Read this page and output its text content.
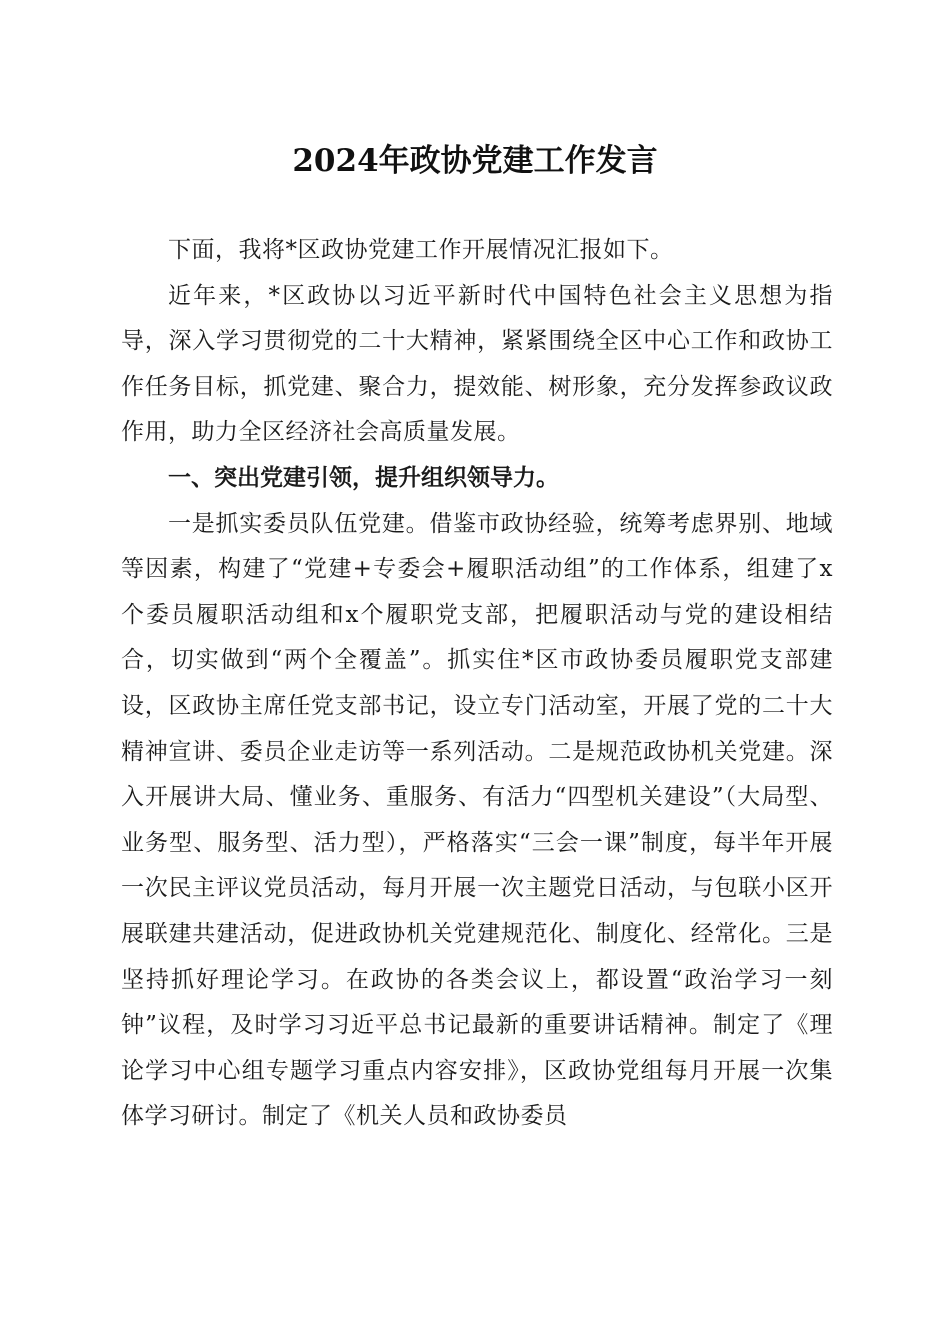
2024年政协党建工作发言

下面，我将*区政协党建工作开展情况汇报如下。

近年来，*区政协以习近平新时代中国特色社会主义思想为指导，深入学习贯彻党的二十大精神，紧紧围绕全区中心工作和政协工作任务目标，抓党建、聚合力，提效能、树形象，充分发挥参政议政作用，助力全区经济社会高质量发展。

一、突出党建引领，提升组织领导力。

一是抓实委员队伍党建。借鉴市政协经验，统筹考虑界别、地域等因素，构建了“党建+专委会+履职活动组”的工作体系，组建了x个委员履职活动组和x个履职党支部，把履职活动与党的建设相结合，切实做到“两个全覆盖”。抓实住*区市政协委员履职党支部建设，区政协主席任党支部书记，设立专门活动室，开展了党的二十大精神宣讲、委员企业走访等一系列活动。二是规范政协机关党建。深入开展讲大局、懂业务、重服务、有活力“四型机关建设”（大局型、业务型、服务型、活力型），严格落实“三会一课”制度，每半年开展一次民主评议党员活动，每月开展一次主题党日活动，与包联小区开展联建共建活动，促进政协机关党建规范化、制度化、经常化。三是坚持抓好理论学习。在政协的各类会议上，都设置“政治学习一刻钟”议程，及时学习习近平总书记最新的重要讲话精神。制定了《理论学习中心组专题学习重点内容安排》，区政协党组每月开展一次集体学习研讨。制定了《机关人员和政协委员
